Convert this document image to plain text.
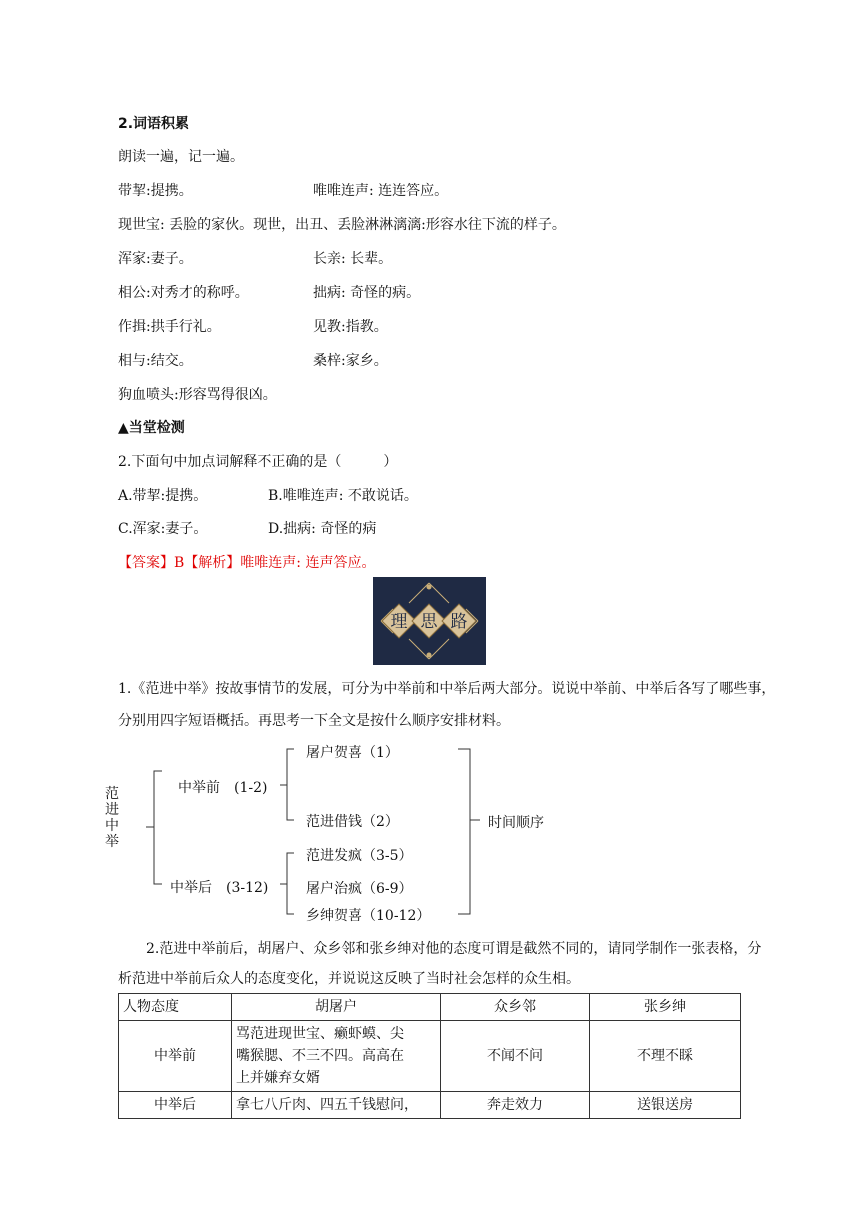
2.词语积累
朗读一遍，记一遍。
带挈:提携。	唯唯连声: 连连答应。
现世宝: 丢脸的家伙。现世，出丑、丢脸淋淋漓漓:形容水往下流的样子。
浑家:妻子。	长亲: 长辈。
相公:对秀才的称呼。	拙病: 奇怪的病。
作揖:拱手行礼。	见教:指教。
相与:结交。	桑梓:家乡。
狗血喷头:形容骂得很凶。
▲当堂检测
2.下面句中加点词解释不正确的是（　　　）
A.带挈:提携。	B.唯唯连声: 不敢说话。
C.浑家:妻子。	D.拙病: 奇怪的病
【答案】B【解析】唯唯连声: 连声答应。
理 思 路
1.《范进中举》按故事情节的发展，可分为中举前和中举后两大部分。说说中举前、中举后各写了哪些事，
分别用四字短语概括。再思考一下全文是按什么顺序安排材料。
范
进
中
举
中举前　(1-2)
中举后　(3-12)
屠户贺喜（1）
范进借钱（2）
范进发疯（3-5）
屠户治疯（6-9）
乡绅贺喜（10-12）
时间顺序
2.范进中举前后，胡屠户、众乡邻和张乡绅对他的态度可谓是截然不同的，请同学制作一张表格，分
析范进中举前后众人的态度变化，并说说这反映了当时社会怎样的众生相。
人物态度	胡屠户	众乡邻	张乡绅
中举前	骂范进现世宝、癞虾蟆、尖
嘴猴腮、不三不四。高高在
上并嫌弃女婿	不闻不问	不理不睬
中举后	拿七八斤肉、四五千钱慰问，	奔走效力	送银送房
